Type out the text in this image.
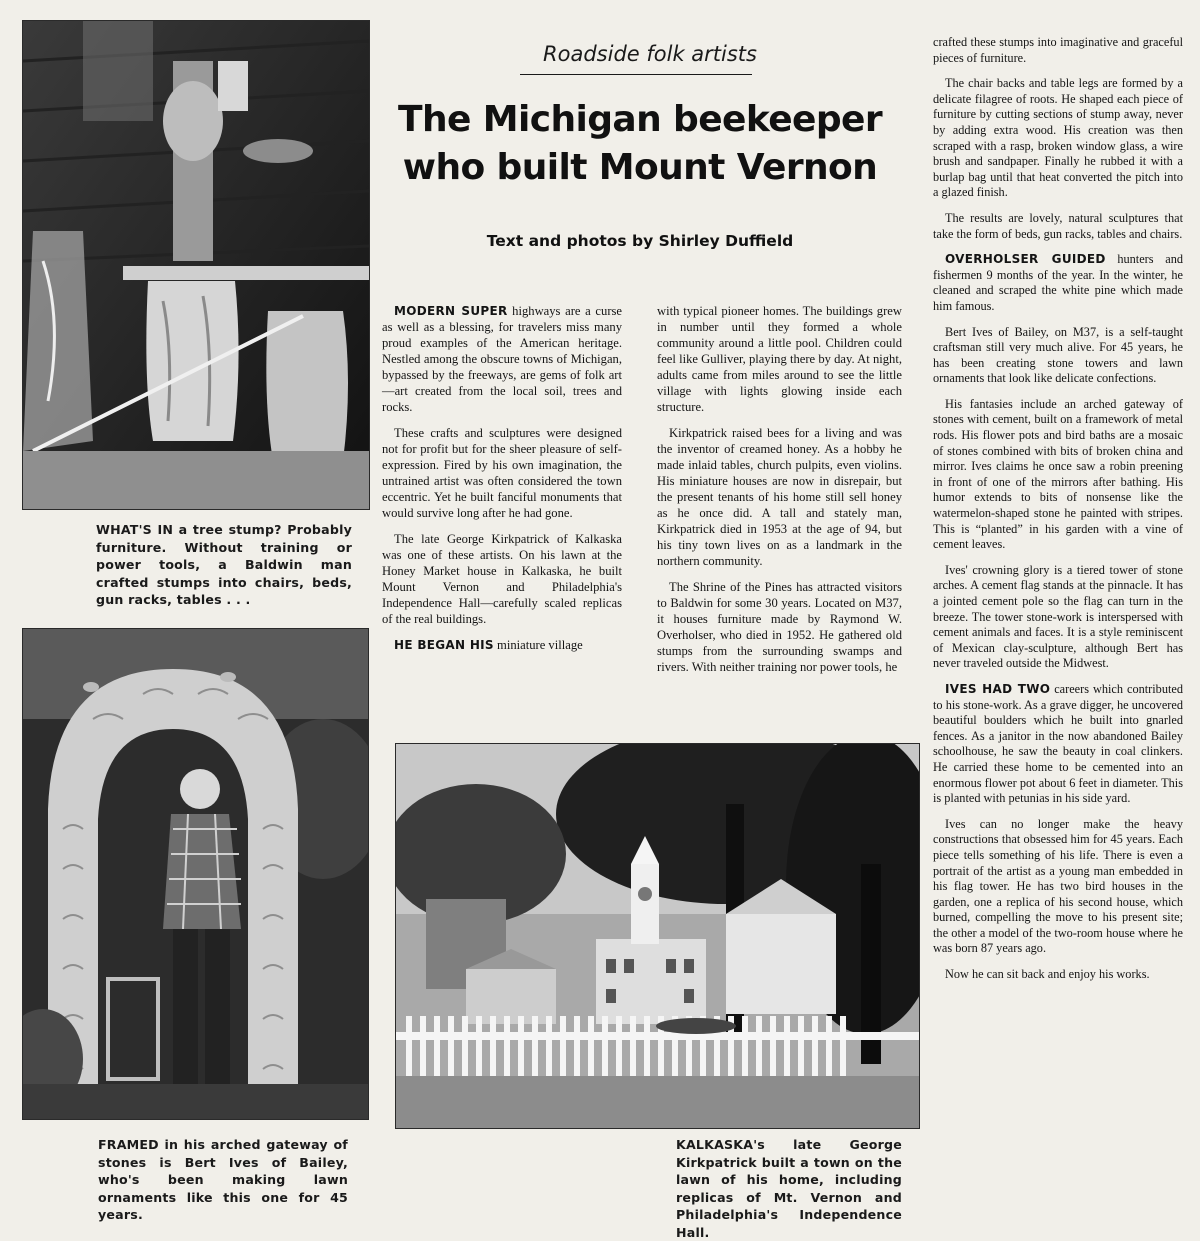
WHAT'S IN a tree stump? Probably furniture. Without training or power tools, a Baldwin man crafted stumps into chairs, beds, gun racks, tables . . .
FRAMED in his arched gateway of stones is Bert Ives of Bailey, who's been making lawn ornaments like this one for 45 years.
Roadside folk artists
The Michigan beekeeper who built Mount Vernon
Text and photos by Shirley Duffield

MODERN SUPER highways are a curse as well as a blessing, for travelers miss many proud examples of the American heritage. Nestled among the obscure towns of Michigan, bypassed by the freeways, are gems of folk art—art created from the local soil, trees and rocks.

These crafts and sculptures were designed not for profit but for the sheer pleasure of self-expression. Fired by his own imagination, the untrained artist was often considered the town eccentric. Yet he built fanciful monuments that would survive long after he had gone.

The late George Kirkpatrick of Kalkaska was one of these artists. On his lawn at the Honey Market house in Kalkaska, he built Mount Vernon and Philadelphia's Independence Hall—carefully scaled replicas of the real buildings.

HE BEGAN HIS miniature village

with typical pioneer homes. The buildings grew in number until they formed a whole community around a little pool. Children could feel like Gulliver, playing there by day. At night, adults came from miles around to see the little village with lights glowing inside each structure.

Kirkpatrick raised bees for a living and was the inventor of creamed honey. As a hobby he made inlaid tables, church pulpits, even violins. His miniature houses are now in disrepair, but the present tenants of his home still sell honey as he once did. A tall and stately man, Kirkpatrick died in 1953 at the age of 94, but his tiny town lives on as a landmark in the northern community.

The Shrine of the Pines has attracted visitors to Baldwin for some 30 years. Located on M37, it houses furniture made by Raymond W. Overholser, who died in 1952. He gathered old stumps from the surrounding swamps and rivers. With neither training nor power tools, he

crafted these stumps into imaginative and graceful pieces of furniture.

The chair backs and table legs are formed by a delicate filagree of roots. He shaped each piece of furniture by cutting sections of stump away, never by adding extra wood. His creation was then scraped with a rasp, broken window glass, a wire brush and sandpaper. Finally he rubbed it with a burlap bag until that heat converted the pitch into a glazed finish.

The results are lovely, natural sculptures that take the form of beds, gun racks, tables and chairs.

OVERHOLSER GUIDED hunters and fishermen 9 months of the year. In the winter, he cleaned and scraped the white pine which made him famous.

Bert Ives of Bailey, on M37, is a self-taught craftsman still very much alive. For 45 years, he has been creating stone towers and lawn ornaments that look like delicate confections.

His fantasies include an arched gateway of stones with cement, built on a framework of metal rods. His flower pots and bird baths are a mosaic of stones combined with bits of broken china and mirror. Ives claims he once saw a robin preening in front of one of the mirrors after bathing. His humor extends to bits of nonsense like the watermelon-shaped stone he painted with stripes. This is “planted” in his garden with a vine of cement leaves.

Ives' crowning glory is a tiered tower of stone arches. A cement flag stands at the pinnacle. It has a jointed cement pole so the flag can turn in the breeze. The tower stone-work is interspersed with cement animals and faces. It is a style reminiscent of Mexican clay-sculpture, although Bert has never traveled outside the Midwest.

IVES HAD TWO careers which contributed to his stone-work. As a grave digger, he uncovered beautiful boulders which he built into gnarled fences. As a janitor in the now abandoned Bailey schoolhouse, he saw the beauty in coal clinkers. He carried these home to be cemented into an enormous flower pot about 6 feet in diameter. This is planted with petunias in his side yard.

Ives can no longer make the heavy constructions that obsessed him for 45 years. Each piece tells something of his life. There is even a portrait of the artist as a young man embedded in his flag tower. He has two bird houses in the garden, one a replica of his second house, which burned, compelling the move to his present site; the other a model of the two-room house where he was born 87 years ago.

Now he can sit back and enjoy his works.

KALKASKA's late George Kirkpatrick built a town on the lawn of his home, including replicas of Mt. Vernon and Philadelphia's Independence Hall.
